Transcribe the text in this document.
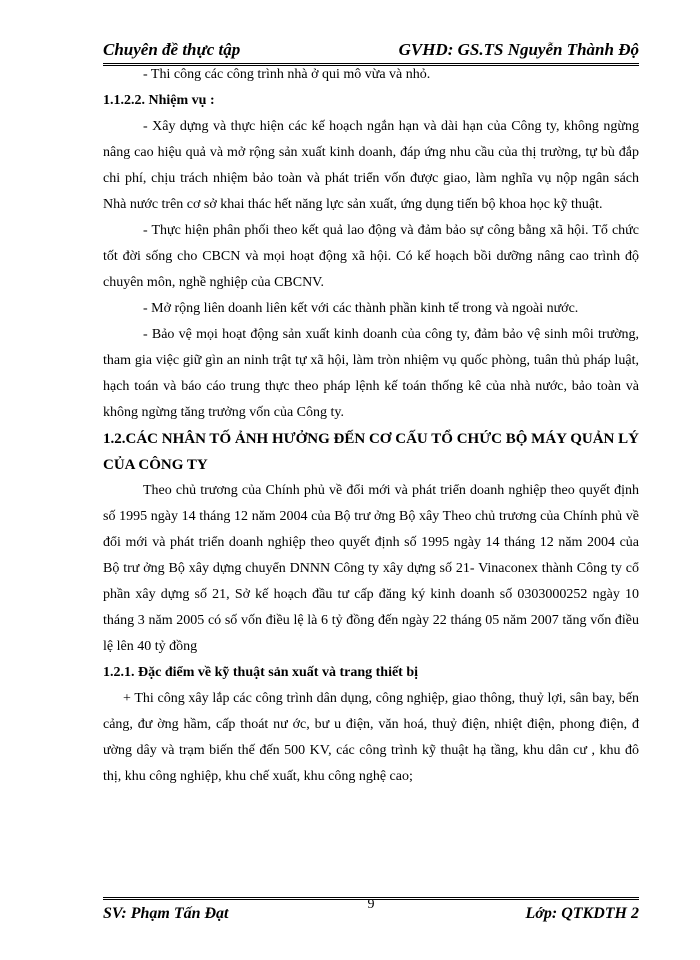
Chuyên đề thực tập	GVHD: GS.TS Nguyễn Thành Độ

- Thi công các công trình nhà ở qui mô vừa và nhỏ.

1.1.2.2. Nhiệm vụ :

- Xây dựng và thực hiện các kế hoạch ngắn hạn và dài hạn của Công ty, không ngừng nâng cao hiệu quả và mở rộng sản xuất kinh doanh, đáp ứng nhu cầu của thị trường, tự bù đắp chi phí, chịu trách nhiệm bảo toàn và phát triển vốn được giao, làm nghĩa vụ nộp ngân sách Nhà nước trên cơ sở khai thác hết năng lực sản xuất, ứng dụng tiến bộ khoa học kỹ thuật.

- Thực hiện phân phối theo kết quả lao động và đảm bảo sự công bằng xã hội. Tổ chức tốt đời sống cho CBCN và mọi hoạt động xã hội. Có kế hoạch bồi dưỡng nâng cao trình độ chuyên môn, nghề nghiệp của CBCNV.

- Mở rộng liên doanh liên kết với các thành phần kinh tế trong và ngoài nước.

- Bảo vệ mọi hoạt động sản xuất kinh doanh của công ty, đảm bảo vệ sinh môi trường, tham gia việc giữ gìn an ninh trật tự xã hội, làm tròn nhiệm vụ quốc phòng, tuân thủ pháp luật, hạch toán và báo cáo trung thực theo pháp lệnh kế toán thống kê của nhà nước, bảo toàn và không ngừng tăng trưởng vốn của Công ty.

1.2.CÁC NHÂN TỐ ẢNH HƯỞNG ĐẾN CƠ CẤU TỔ CHỨC BỘ MÁY QUẢN LÝ CỦA CÔNG TY

Theo chủ trương của Chính phủ về đổi mới và phát triển doanh nghiệp theo quyết định số 1995 ngày 14 tháng 12 năm 2004 của Bộ trư ởng Bộ xây Theo chủ trương của Chính phủ về đổi mới và phát triển doanh nghiệp theo quyết định số 1995 ngày 14 tháng 12 năm 2004 của Bộ trư ởng Bộ xây dựng chuyển DNNN Công ty xây dựng số 21- Vinaconex thành Công ty cổ phần xây dựng số 21, Sở kế hoạch đầu tư cấp đăng ký kinh doanh số 0303000252 ngày 10 tháng 3 năm 2005 có số vốn điều lệ là 6 tỷ đồng đến ngày 22 tháng 05 năm 2007 tăng vốn điều lệ lên 40 tỷ đồng

1.2.1. Đặc điểm về kỹ thuật sản xuất và trang thiết bị

+ Thi công xây lắp các công trình dân dụng, công nghiệp, giao thông, thuỷ lợi, sân bay, bến cảng, đư ờng hầm, cấp thoát nư ớc, bư u điện, văn hoá, thuỷ điện, nhiệt điện, phong điện, đ ường dây và trạm biến thế đến 500 KV, các công trình kỹ thuật hạ tầng, khu dân cư , khu đô thị, khu công nghiệp, khu chế xuất, khu công nghệ cao;

9
SV: Phạm Tấn Đạt	Lớp: QTKDTH 2
